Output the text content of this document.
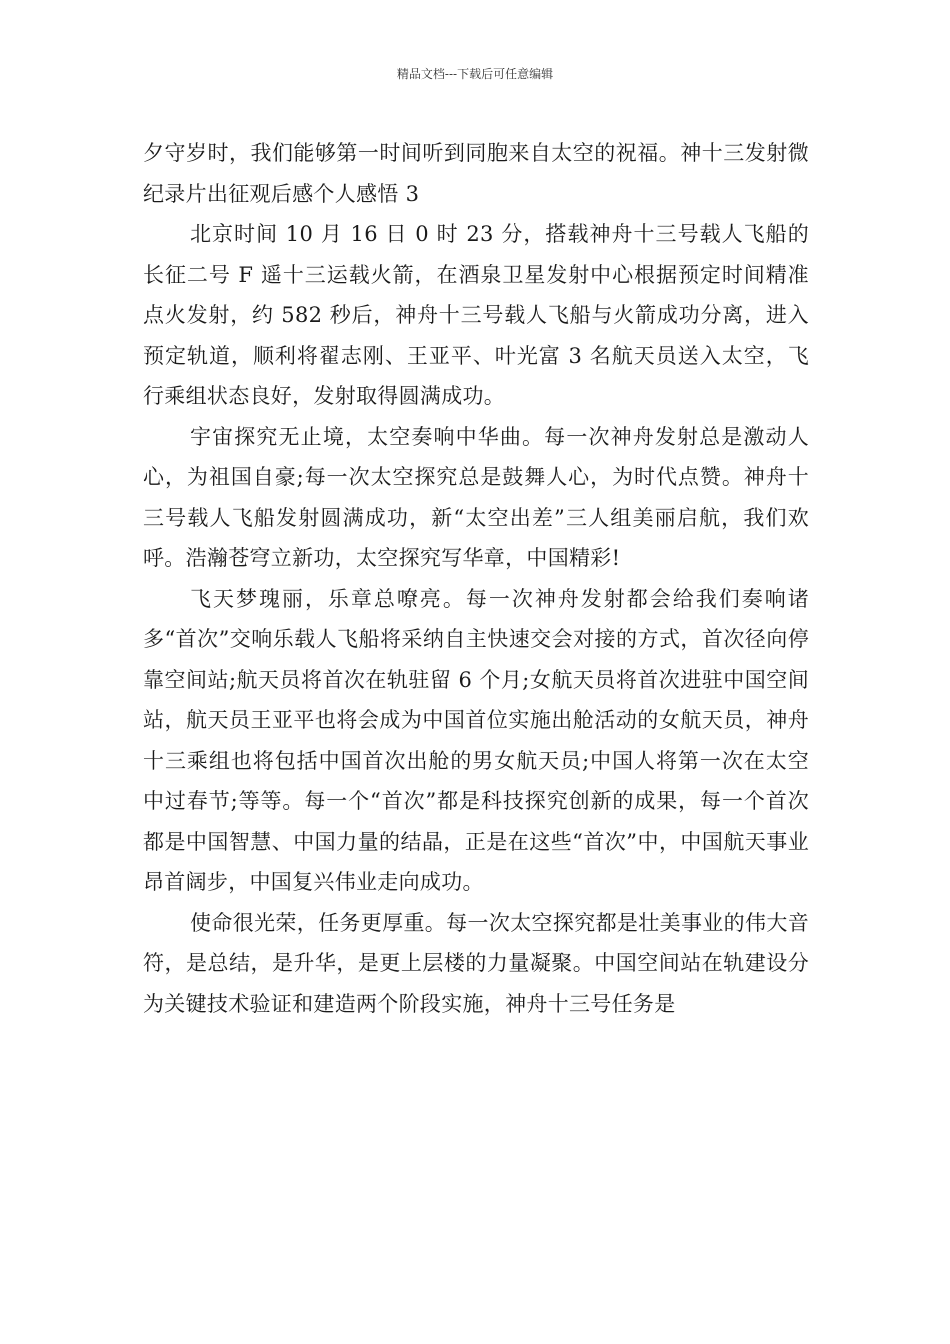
精品文档---下载后可任意编辑

夕守岁时，我们能够第一时间听到同胞来自太空的祝福。神十三发射微纪录片出征观后感个人感悟 3

北京时间 10 月 16 日 0 时 23 分，搭载神舟十三号载人飞船的长征二号 F 遥十三运载火箭，在酒泉卫星发射中心根据预定时间精准点火发射，约 582 秒后，神舟十三号载人飞船与火箭成功分离，进入预定轨道，顺利将翟志刚、王亚平、叶光富 3 名航天员送入太空，飞行乘组状态良好，发射取得圆满成功。

宇宙探究无止境，太空奏响中华曲。每一次神舟发射总是激动人心，为祖国自豪;每一次太空探究总是鼓舞人心，为时代点赞。神舟十三号载人飞船发射圆满成功，新“太空出差”三人组美丽启航，我们欢呼。浩瀚苍穹立新功，太空探究写华章，中国精彩!

飞天梦瑰丽，乐章总嘹亮。每一次神舟发射都会给我们奏响诸多“首次”交响乐载人飞船将采纳自主快速交会对接的方式，首次径向停靠空间站;航天员将首次在轨驻留 6 个月;女航天员将首次进驻中国空间站，航天员王亚平也将会成为中国首位实施出舱活动的女航天员，神舟十三乘组也将包括中国首次出舱的男女航天员;中国人将第一次在太空中过春节;等等。每一个“首次”都是科技探究创新的成果，每一个首次都是中国智慧、中国力量的结晶，正是在这些“首次”中，中国航天事业昂首阔步，中国复兴伟业走向成功。

使命很光荣，任务更厚重。每一次太空探究都是壮美事业的伟大音符，是总结，是升华，是更上层楼的力量凝聚。中国空间站在轨建设分为关键技术验证和建造两个阶段实施，神舟十三号任务是
